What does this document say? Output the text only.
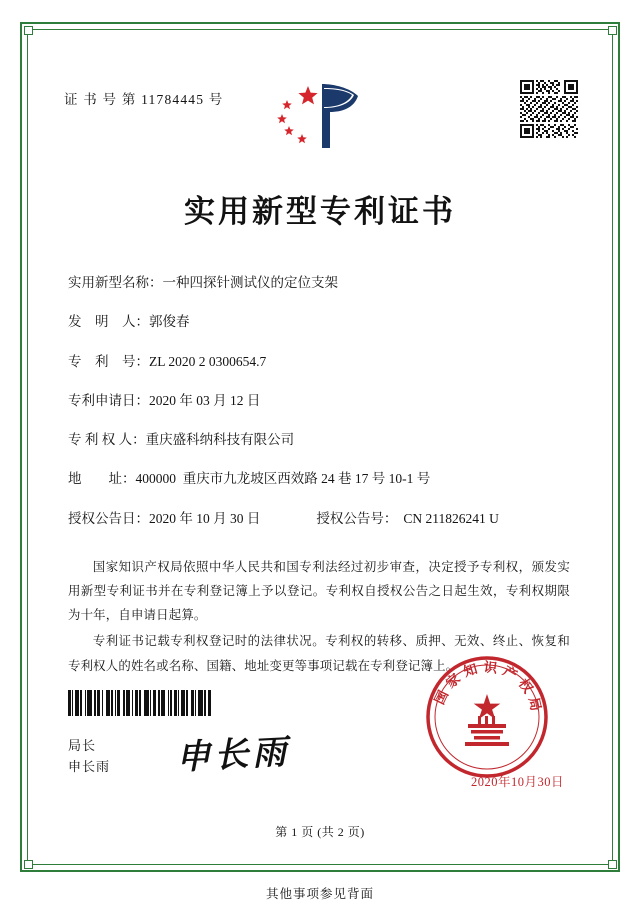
证 书 号 第 11784445 号
实用新型专利证书
实用新型名称： 一种四探针测试仪的定位支架
发    明    人： 郭俊春
专    利    号： ZL 2020 2 0300654.7
专利申请日： 2020 年 03 月 12 日
专 利 权 人： 重庆盛科纳科技有限公司
地        址： 400000  重庆市九龙坡区西效路 24 巷 17 号 10-1 号
授权公告日： 2020 年 10 月 30 日	授权公告号： CN 211826241 U

国家知识产权局依照中华人民共和国专利法经过初步审查，决定授予专利权，颁发实用新型专利证书并在专利登记簿上予以登记。专利权自授权公告之日起生效，专利权期限为十年，自申请日起算。

专利证书记载专利权登记时的法律状况。专利权的转移、质押、无效、终止、恢复和专利权人的姓名或名称、国籍、地址变更等事项记载在专利登记簿上。

局长
申长雨 申长雨
国家知识产权局
2020年10月30日
第 1 页 (共 2 页)
其他事项参见背面
